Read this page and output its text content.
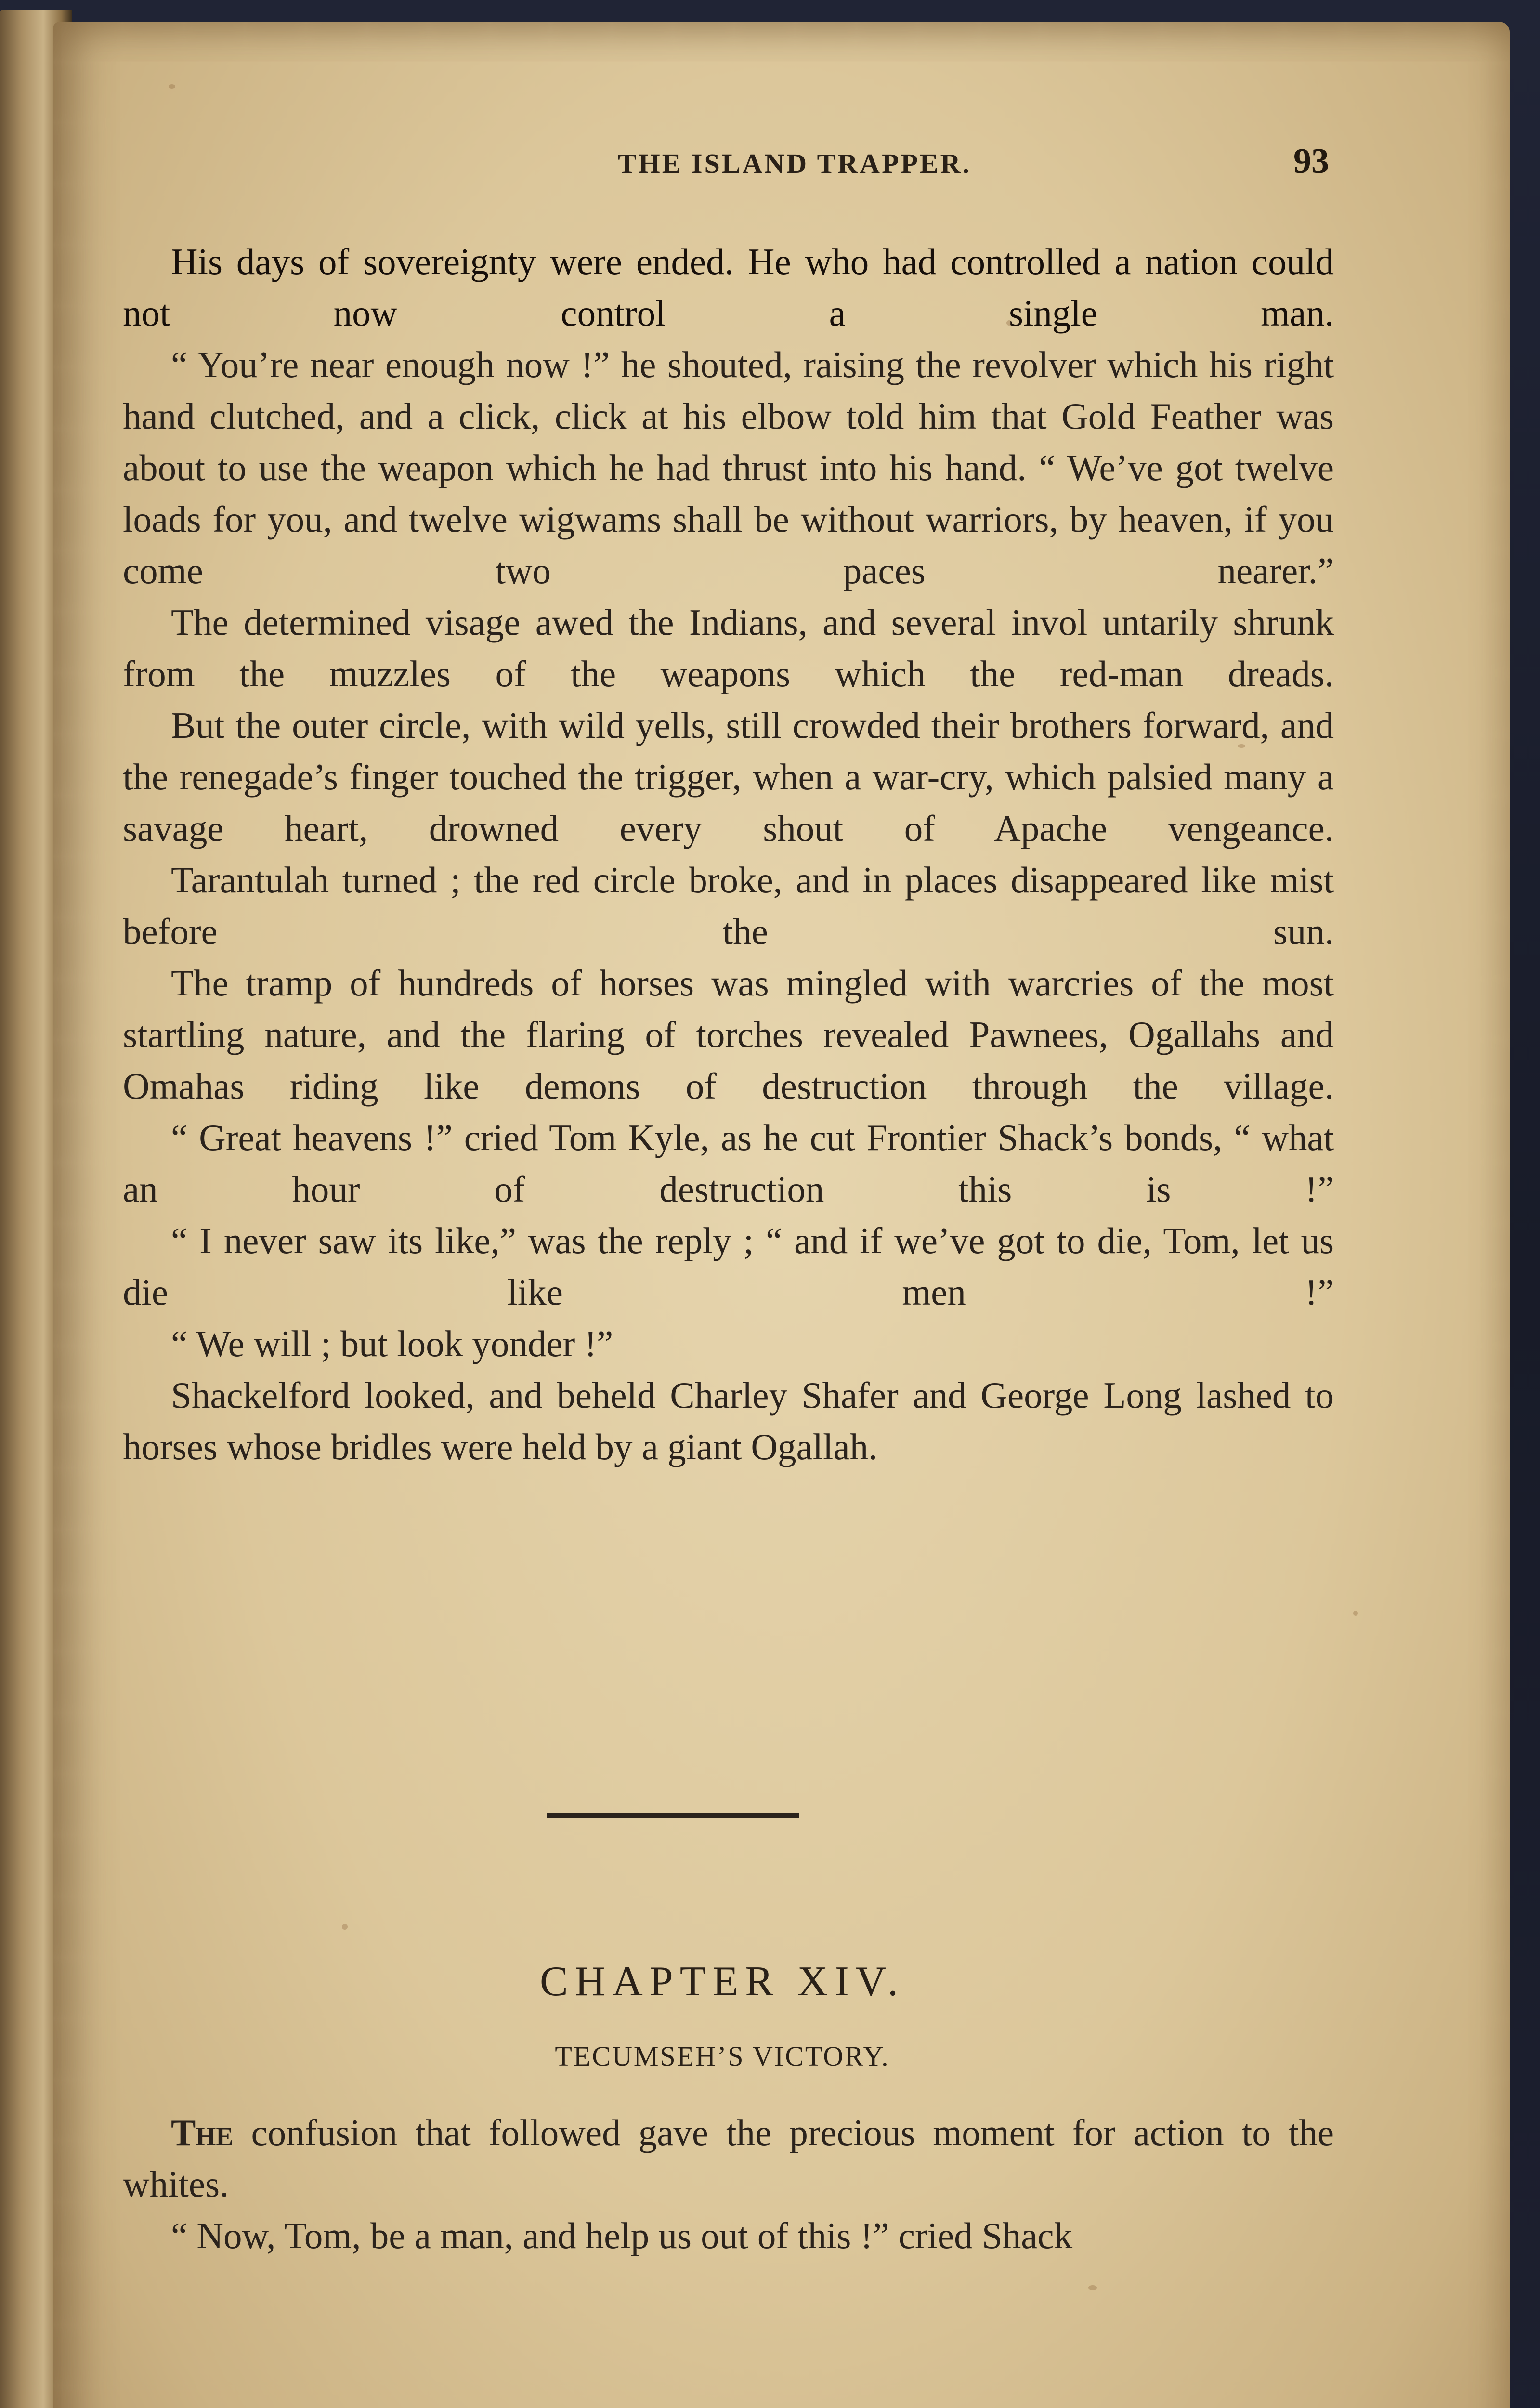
THE ISLAND TRAPPER.	93

His days of sovereignty were ended. He who had controlled a nation could not now control a single man.

“ You’re near enough now !” he shouted, raising the revolver which his right hand clutched, and a click, click at his elbow told him that Gold Feather was about to use the weapon which he had thrust into his hand. “ We’ve got twelve loads for you, and twelve wigwams shall be without warriors, by heaven, if you come two paces nearer.”

The determined visage awed the Indians, and several invol untarily shrunk from the muzzles of the weapons which the red-man dreads.

But the outer circle, with wild yells, still crowded their brothers forward, and the renegade’s finger touched the trigger, when a war-cry, which palsied many a savage heart, drowned every shout of Apache vengeance.

Tarantulah turned ; the red circle broke, and in places disappeared like mist before the sun.

The tramp of hundreds of horses was mingled with warcries of the most startling nature, and the flaring of torches revealed Pawnees, Ogallahs and Omahas riding like demons of destruction through the village.

“ Great heavens !” cried Tom Kyle, as he cut Frontier Shack’s bonds, “ what an hour of destruction this is !”

“ I never saw its like,” was the reply ; “ and if we’ve got to die, Tom, let us die like men !”

“ We will ; but look yonder !”

Shackelford looked, and beheld Charley Shafer and George Long lashed to horses whose bridles were held by a giant Ogallah.

CHAPTER XIV.
TECUMSEH’S VICTORY.

The confusion that followed gave the precious moment for action to the whites.

“ Now, Tom, be a man, and help us out of this !” cried Shack
